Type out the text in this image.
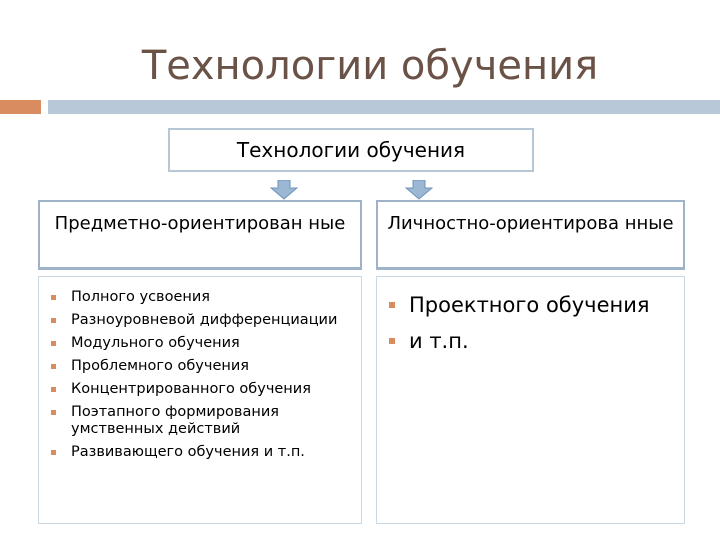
Технологии обучения
Технологии обучения
Предметно-ориентирован ные	Личностно-ориентирова нные
Полного усвоения
Разноуровневой дифференциации
Модульного обучения
Проблемного обучения
Концентрированного обучения
Поэтапного формирования умственных действий
Развивающего обучения и т.п.
Проектного обучения
и т.п.
